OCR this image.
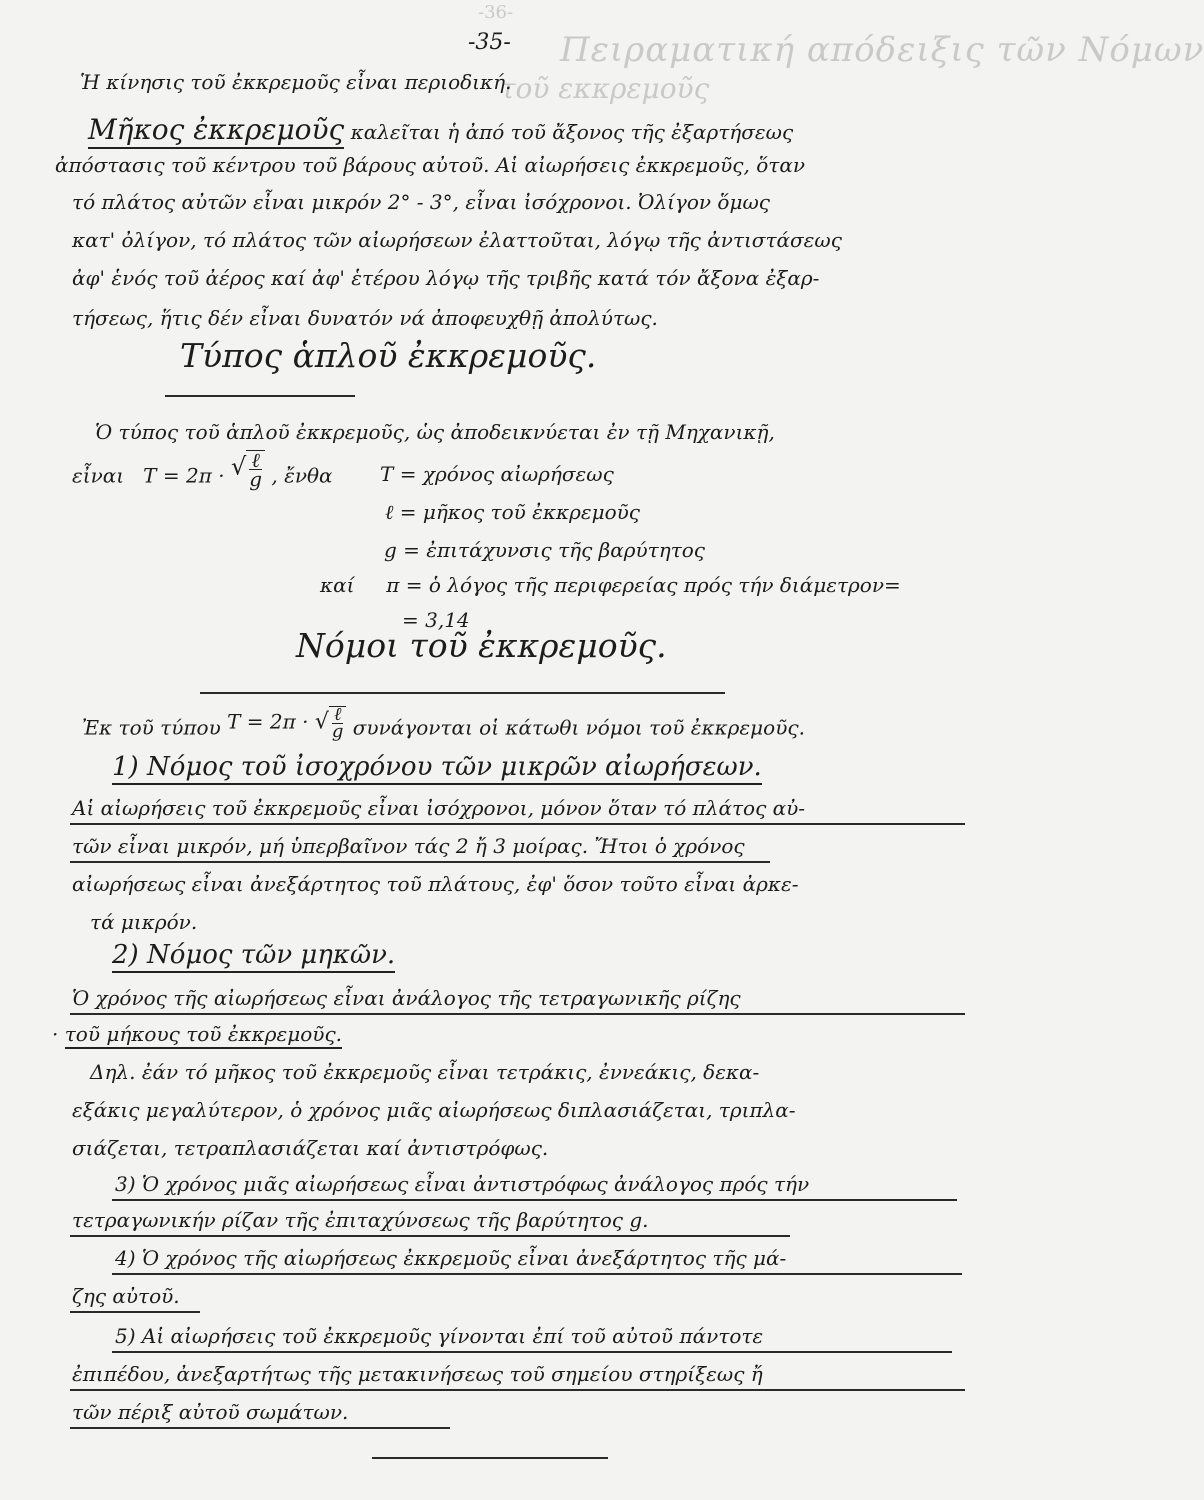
-36-
Πειραματική απόδειξις τῶν Νόμων
τοῦ εκκρεμοῦς
-35-
Ἡ κίνησις τοῦ ἐκκρεμοῦς εἶναι περιοδική.
Μῆκος ἐκκρεμοῦς καλεῖται ἡ ἀπό τοῦ ἄξονος τῆς ἐξαρτήσεως
ἀπόστασις τοῦ κέντρου τοῦ βάρους αὐτοῦ. Αἱ αἰωρήσεις ἐκκρεμοῦς, ὅταν
τό πλάτος αὐτῶν εἶναι μικρόν 2° - 3°, εἶναι ἰσόχρονοι. Ὀλίγον ὅμως
κατ' ὀλίγον, τό πλάτος τῶν αἰωρήσεων ἐλαττοῦται, λόγῳ τῆς ἀντιστάσεως
ἀφ' ἑνός τοῦ ἀέρος καί ἀφ' ἑτέρου λόγῳ τῆς τριβῆς κατά τόν ἄξονα ἐξαρ-
τήσεως, ἥτις δέν εἶναι δυνατόν νά ἀποφευχθῇ ἀπολύτως.
Τύπος ἁπλοῦ ἐκκρεμοῦς.
Ὁ τύπος τοῦ ἁπλοῦ ἐκκρεμοῦς, ὡς ἀποδεικνύεται ἐν τῇ Μηχανικῇ,
εἶναι T = 2π · √ ℓ
g , ἔνθα T = χρόνος αἰωρήσεως
ℓ = μῆκος τοῦ ἐκκρεμοῦς
g = ἐπιτάχυνσις τῆς βαρύτητος
καί π = ὁ λόγος τῆς περιφερείας πρός τήν διάμετρον=
= 3,14
Νόμοι τοῦ ἐκκρεμοῦς.
Ἐκ τοῦ τύπου T = 2π · √ ℓ
g συνάγονται οἱ κάτωθι νόμοι τοῦ ἐκκρεμοῦς.
1) Νόμος τοῦ ἰσοχρόνου τῶν μικρῶν αἰωρήσεων.
Αἱ αἰωρήσεις τοῦ ἐκκρεμοῦς εἶναι ἰσόχρονοι, μόνον ὅταν τό πλάτος αὐ-
τῶν εἶναι μικρόν, μή ὑπερβαῖνον τάς 2 ἤ 3 μοίρας. Ἤτοι ὁ χρόνος
αἰωρήσεως εἶναι ἀνεξάρτητος τοῦ πλάτους, ἐφ' ὅσον τοῦτο εἶναι ἀρκε-
τά μικρόν.
2) Νόμος τῶν μηκῶν.
Ὁ χρόνος τῆς αἰωρήσεως εἶναι ἀνάλογος τῆς τετραγωνικῆς ρίζης
· τοῦ μήκους τοῦ ἐκκρεμοῦς.
Δηλ. ἐάν τό μῆκος τοῦ ἐκκρεμοῦς εἶναι τετράκις, ἐννεάκις, δεκα-
εξάκις μεγαλύτερον, ὁ χρόνος μιᾶς αἰωρήσεως διπλασιάζεται, τριπλα-
σιάζεται, τετραπλασιάζεται καί ἀντιστρόφως.
3) Ὁ χρόνος μιᾶς αἰωρήσεως εἶναι ἀντιστρόφως ἀνάλογος πρός τήν
τετραγωνικήν ρίζαν τῆς ἐπιταχύνσεως τῆς βαρύτητος g.
4) Ὁ χρόνος τῆς αἰωρήσεως ἐκκρεμοῦς εἶναι ἀνεξάρτητος τῆς μά-
ζης αὐτοῦ.
5) Αἱ αἰωρήσεις τοῦ ἐκκρεμοῦς γίνονται ἐπί τοῦ αὐτοῦ πάντοτε
ἐπιπέδου, ἀνεξαρτήτως τῆς μετακινήσεως τοῦ σημείου στηρίξεως ἤ
τῶν πέριξ αὐτοῦ σωμάτων.
